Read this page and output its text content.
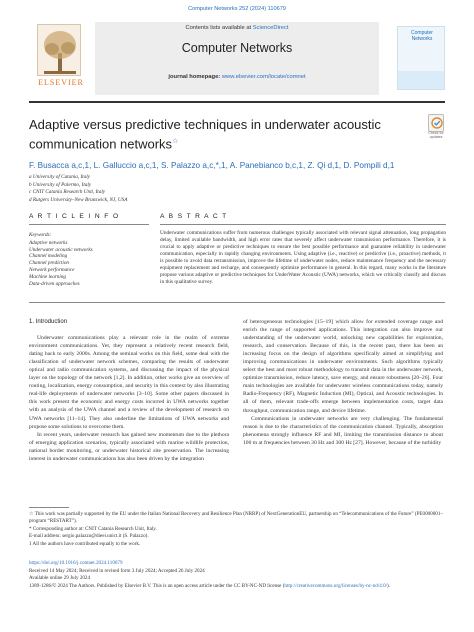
Computer Networks 252 (2024) 110679
ELSEVIER
Contents lists available at ScienceDirect
Computer Networks
journal homepage: www.elsevier.com/locate/comnet
Computer Networks
Check for updates
Adaptive versus predictive techniques in underwater acoustic communication networks☆
F. Busacca a,c,1, L. Galluccio a,c,1, S. Palazzo a,c,*,1, A. Panebianco b,c,1, Z. Qi d,1, D. Pompili d,1
a University of Catania, Italy
b University of Palermo, Italy
c CNIT Catania Research Unit, Italy
d Rutgers University–New Brunswick, NJ, USA
A R T I C L E I N F O	A B S T R A C T
Keywords:
Adaptive networks
Underwater acoustic networks
Channel modeling
Channel prediction
Network performance
Machine learning
Data-driven approaches
Underwater communications suffer from numerous challenges typically associated with relevant signal attenuation, long propagation delay, limited available bandwidth, and high error rates that severely affect underwater transmission performance. Therefore, it is crucial to apply adaptive or predictive techniques to ensure the best possible performance and guarantee reliability in underwater communication, especially in rapidly changing environments. Using adaptive (i.e., reactive) or predictive (i.e., proactive) methods, it is possible to avoid data retransmission, improve the lifetime of underwater nodes, reduce maintenance frequency and the necessary equipment replacement and recharge, and consequently optimize performance in general. In this regard, many works in the literature propose various adaptive or predictive techniques for UnderWater Acoustic (UWA) networks, which we critically classify and discuss in this qualitative survey.
1. Introduction
Underwater communications play a relevant role in the realm of extreme environment communications. Yet, they represent a relatively recent research field, dating back to early 2000s. Among the seminal works on this field, some deal with the classification of underwater network schemes, comparing the results of underwater optical and radio communication systems, and discussing the impact of the physical layer on the topology of the network [1,2]. In addition, other works give an overview of routing, localization, energy consumption, and security in this context by also illustrating real-life deployments of underwater networks [3–10]. Some other papers discussed in this work present the economic and energy costs incurred in UWA networks together with an analysis of the UWA channel and a review of the development of research on UWA networks [11–14]. They also underline the limitations of UWA networks and propose some solutions to overcome them.
In recent years, underwater research has gained new momentum due to the plethora of emerging application scenarios, typically associated with marine wildlife protection, national border monitoring, or underwater historical site preservation. The increasing interest in underwater communications has also been driven by the integration
of heterogeneous technologies [15–19] which allow for extended coverage range and enrich the range of supported applications. This integration can also improve our understanding of the underwater world, unlocking new capabilities for exploration, research, and conservation. Because of this, in the recent past, there has been an increasing focus on the design of algorithms specifically aimed at simplifying and improving communications in underwater environments. Such algorithms typically select the best and most robust methodology to transmit data in the underwater network, optimize transmission, reduce latency, save energy, and ensure robustness [20–26]. Four main technologies are available for underwater wireless communications today, namely Radio-Frequency (RF), Magnetic Induction (MI), Optical, and Acoustic technologies. In all of them, relevant trade-offs emerge between implementation costs, target data throughput, communication range, and device lifetime.
Communications in underwater networks are very challenging. The fundamental reason is due to the characteristics of the communication channel. Typically, absorption phenomena strongly influence RF and MI, limiting the transmission distance to about 100 m at frequencies between 30 Hz and 300 Hz [27]. However, because of the turbidity
☆ This work was partially supported by the EU under the Italian National Recovery and Resilience Plan (NRRP) of NextGenerationEU, partnership on “Telecommunications of the Future” (PE0000001–program “RESTART”).
* Corresponding author at: CNIT Catania Research Unit, Italy.
E-mail address: sergio.palazzo@dieei.unict.it (S. Palazzo).
1 All the authors have contributed equally to the work.
https://doi.org/10.1016/j.comnet.2024.110679
Received 14 May 2024; Received in revised form 3 July 2024; Accepted 26 July 2024
Available online 29 July 2024
1389-1286/© 2024 The Authors. Published by Elsevier B.V. This is an open access article under the CC BY-NC-ND license (http://creativecommons.org/licenses/by-nc-nd/4.0/).
